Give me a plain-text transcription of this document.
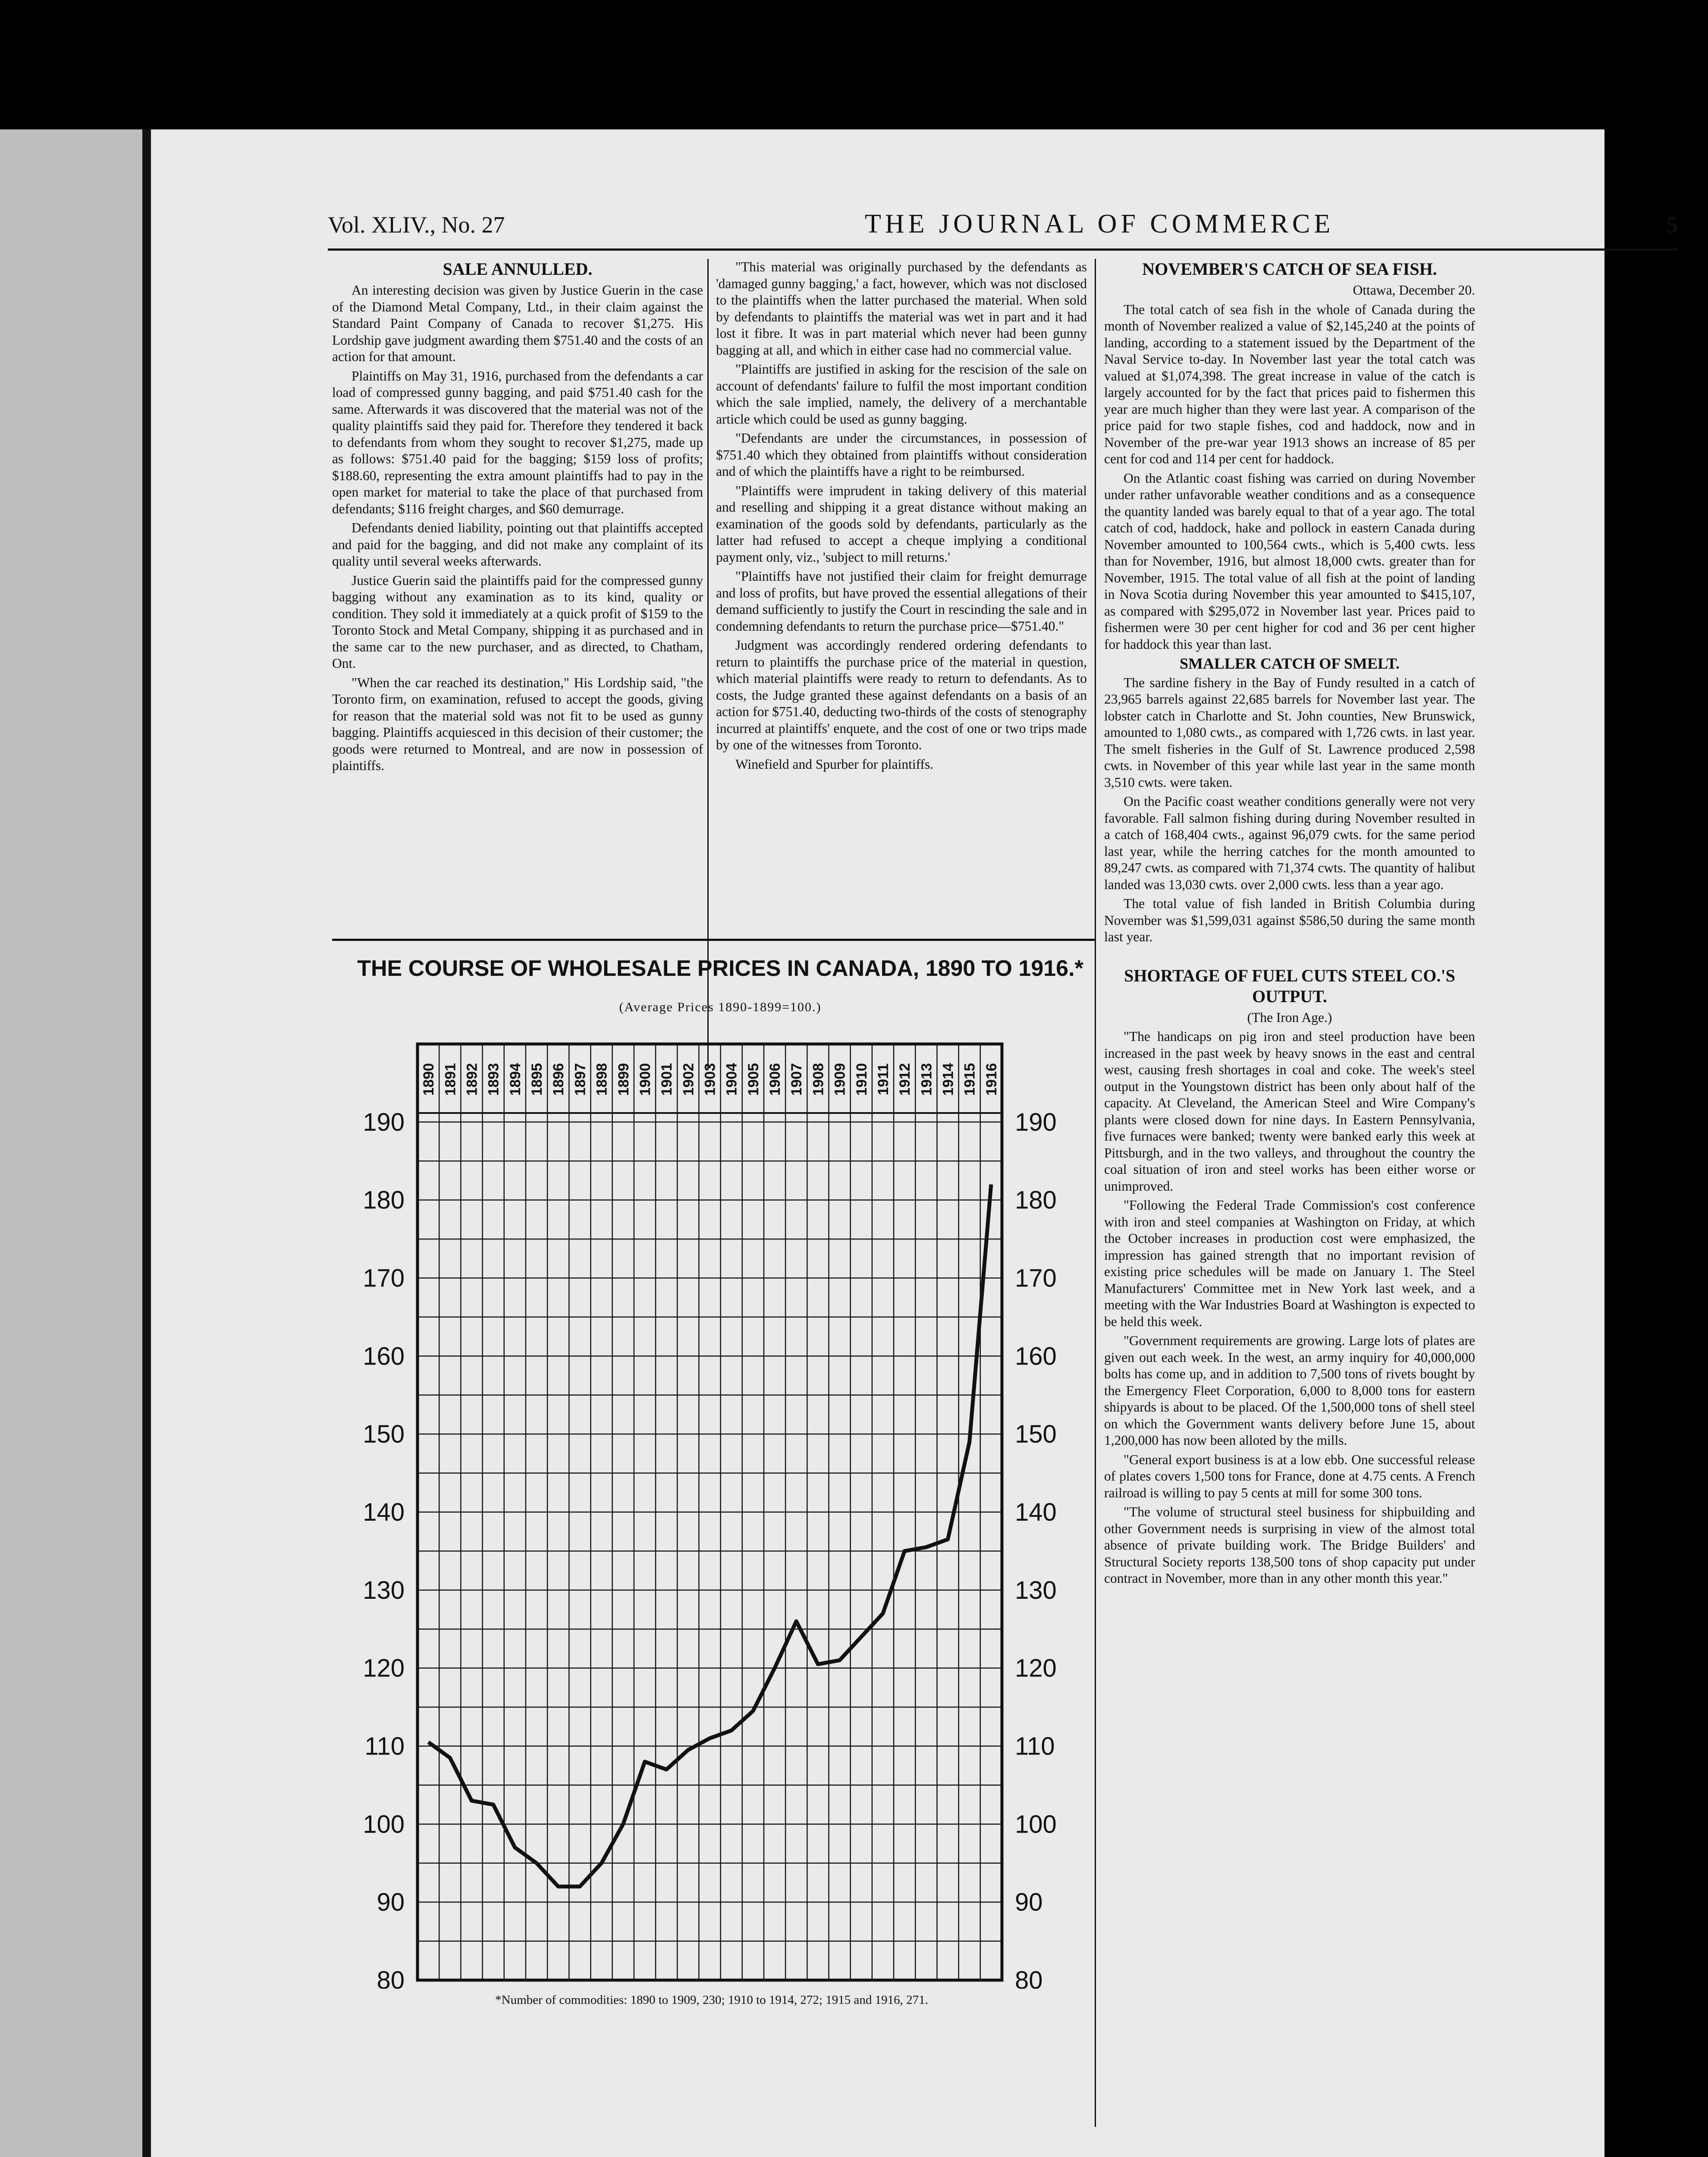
Vol. XLIV., No. 27	THE JOURNAL OF COMMERCE	5

SALE ANNULLED.

An interesting decision was given by Justice Guerin in the case of the Diamond Metal Company, Ltd., in their claim against the Standard Paint Company of Canada to recover $1,275. His Lordship gave judgment awarding them $751.40 and the costs of an action for that amount.

Plaintiffs on May 31, 1916, purchased from the defendants a car load of compressed gunny bagging, and paid $751.40 cash for the same. Afterwards it was discovered that the material was not of the quality plaintiffs said they paid for. Therefore they tendered it back to defendants from whom they sought to recover $1,275, made up as follows: $751.40 paid for the bagging; $159 loss of profits; $188.60, representing the extra amount plaintiffs had to pay in the open market for material to take the place of that purchased from defendants; $116 freight charges, and $60 demurrage.

Defendants denied liability, pointing out that plaintiffs accepted and paid for the bagging, and did not make any complaint of its quality until several weeks afterwards.

Justice Guerin said the plaintiffs paid for the compressed gunny bagging without any examination as to its kind, quality or condition. They sold it immediately at a quick profit of $159 to the Toronto Stock and Metal Company, shipping it as purchased and in the same car to the new purchaser, and as directed, to Chatham, Ont.

"When the car reached its destination," His Lordship said, "the Toronto firm, on examination, refused to accept the goods, giving for reason that the material sold was not fit to be used as gunny bagging. Plaintiffs acquiesced in this decision of their customer; the goods were returned to Montreal, and are now in possession of plaintiffs.

"This material was originally purchased by the defendants as 'damaged gunny bagging,' a fact, however, which was not disclosed to the plaintiffs when the latter purchased the material. When sold by defendants to plaintiffs the material was wet in part and it had lost it fibre. It was in part material which never had been gunny bagging at all, and which in either case had no commercial value.

"Plaintiffs are justified in asking for the rescision of the sale on account of defendants' failure to fulfil the most important condition which the sale implied, namely, the delivery of a merchantable article which could be used as gunny bagging.

"Defendants are under the circumstances, in possession of $751.40 which they obtained from plaintiffs without consideration and of which the plaintiffs have a right to be reimbursed.

"Plaintiffs were imprudent in taking delivery of this material and reselling and shipping it a great distance without making an examination of the goods sold by defendants, particularly as the latter had refused to accept a cheque implying a conditional payment only, viz., 'subject to mill returns.'

"Plaintiffs have not justified their claim for freight demurrage and loss of profits, but have proved the essential allegations of their demand sufficiently to justify the Court in rescinding the sale and in condemning defendants to return the purchase price—$751.40."

Judgment was accordingly rendered ordering defendants to return to plaintiffs the purchase price of the material in question, which material plaintiffs were ready to return to defendants. As to costs, the Judge granted these against defendants on a basis of an action for $751.40, deducting two-thirds of the costs of stenography incurred at plaintiffs' enquete, and the cost of one or two trips made by one of the witnesses from Toronto.

Winefield and Spurber for plaintiffs.

NOVEMBER'S CATCH OF SEA FISH.

Ottawa, December 20.

The total catch of sea fish in the whole of Canada during the month of November realized a value of $2,145,240 at the points of landing, according to a statement issued by the Department of the Naval Service to-day. In November last year the total catch was valued at $1,074,398. The great increase in value of the catch is largely accounted for by the fact that prices paid to fishermen this year are much higher than they were last year. A comparison of the price paid for two staple fishes, cod and haddock, now and in November of the pre-war year 1913 shows an increase of 85 per cent for cod and 114 per cent for haddock.

On the Atlantic coast fishing was carried on during November under rather unfavorable weather conditions and as a consequence the quantity landed was barely equal to that of a year ago. The total catch of cod, haddock, hake and pollock in eastern Canada during November amounted to 100,564 cwts., which is 5,400 cwts. less than for November, 1916, but almost 18,000 cwts. greater than for November, 1915. The total value of all fish at the point of landing in Nova Scotia during November this year amounted to $415,107, as compared with $295,072 in November last year. Prices paid to fishermen were 30 per cent higher for cod and 36 per cent higher for haddock this year than last.

SMALLER CATCH OF SMELT.

The sardine fishery in the Bay of Fundy resulted in a catch of 23,965 barrels against 22,685 barrels for November last year. The lobster catch in Charlotte and St. John counties, New Brunswick, amounted to 1,080 cwts., as compared with 1,726 cwts. in last year. The smelt fisheries in the Gulf of St. Lawrence produced 2,598 cwts. in November of this year while last year in the same month 3,510 cwts. were taken.

On the Pacific coast weather conditions generally were not very favorable. Fall salmon fishing during during November resulted in a catch of 168,404 cwts., against 96,079 cwts. for the same period last year, while the herring catches for the month amounted to 89,247 cwts. as compared with 71,374 cwts. The quantity of halibut landed was 13,030 cwts. over 2,000 cwts. less than a year ago.

The total value of fish landed in British Columbia during November was $1,599,031 against $586,50 during the same month last year.

SHORTAGE OF FUEL CUTS STEEL CO.'S OUTPUT.

(The Iron Age.)

"The handicaps on pig iron and steel production have been increased in the past week by heavy snows in the east and central west, causing fresh shortages in coal and coke. The week's steel output in the Youngstown district has been only about half of the capacity. At Cleveland, the American Steel and Wire Company's plants were closed down for nine days. In Eastern Pennsylvania, five furnaces were banked; twenty were banked early this week at Pittsburgh, and in the two valleys, and throughout the country the coal situation of iron and steel works has been either worse or unimproved.

"Following the Federal Trade Commission's cost conference with iron and steel companies at Washington on Friday, at which the October increases in production cost were emphasized, the impression has gained strength that no important revision of existing price schedules will be made on January 1. The Steel Manufacturers' Committee met in New York last week, and a meeting with the War Industries Board at Washington is expected to be held this week.

"Government requirements are growing. Large lots of plates are given out each week. In the west, an army inquiry for 40,000,000 bolts has come up, and in addition to 7,500 tons of rivets bought by the Emergency Fleet Corporation, 6,000 to 8,000 tons for eastern shipyards is about to be placed. Of the 1,500,000 tons of shell steel on which the Government wants delivery before June 15, about 1,200,000 has now been alloted by the mills.

"General export business is at a low ebb. One successful release of plates covers 1,500 tons for France, done at 4.75 cents. A French railroad is willing to pay 5 cents at mill for some 300 tons.

"The volume of structural steel business for shipbuilding and other Government needs is surprising in view of the almost total absence of private building work. The Bridge Builders' and Structural Society reports 138,500 tons of shop capacity put under contract in November, more than in any other month this year."

THE COURSE OF WHOLESALE PRICES IN CANADA, 1890 TO 1916.*
(Average Prices 1890-1899=100.)
1890 1891 1892 1893 1894 1895 1896 1897 1898 1899 1900 1901 1902 1903 1904 1905 1906 1907 1908 1909 1910 1911 1912 1913 1914 1915 1916
80	80
90	90
100	100
110	110
120	120
130	130
140	140
150	150
160	160
170	170
180	180
190	190
*Number of commodities: 1890 to 1909, 230; 1910 to 1914, 272; 1915 and 1916, 271.
